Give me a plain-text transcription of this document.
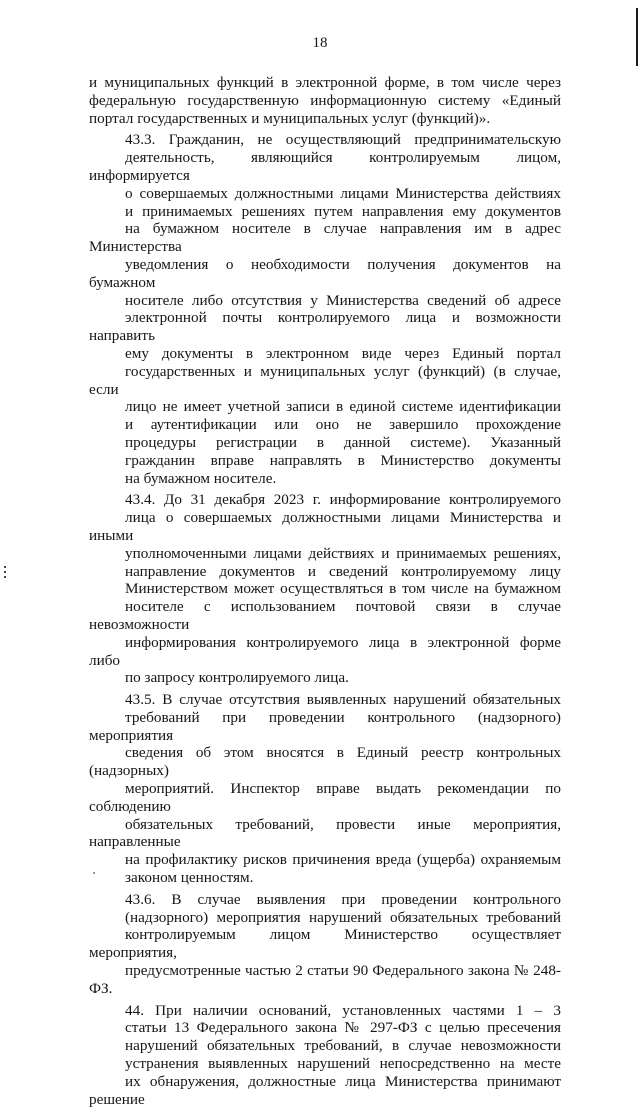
18

и муниципальных функций в электронной форме, в том числе через
федеральную государственную информационную систему «Единый
портал государственных и муниципальных услуг (функций)».

43.3. Гражданин, не осуществляющий предпринимательскую
деятельность, являющийся контролируемым лицом, информируется
о совершаемых должностными лицами Министерства действиях
и принимаемых решениях путем направления ему документов
на бумажном носителе в случае направления им в адрес Министерства
уведомления о необходимости получения документов на бумажном
носителе либо отсутствия у Министерства сведений об адресе
электронной почты контролируемого лица и возможности направить
ему документы в электронном виде через Единый портал
государственных и муниципальных услуг (функций) (в случае, если
лицо не имеет учетной записи в единой системе идентификации
и аутентификации или оно не завершило прохождение
процедуры регистрации в данной системе). Указанный
гражданин вправе направлять в Министерство документы
на бумажном носителе.

43.4. До 31 декабря 2023 г. информирование контролируемого
лица о совершаемых должностными лицами Министерства и иными
уполномоченными лицами действиях и принимаемых решениях,
направление документов и сведений контролируемому лицу
Министерством может осуществляться в том числе на бумажном
носителе с использованием почтовой связи в случае невозможности
информирования контролируемого лица в электронной форме либо
по запросу контролируемого лица.

43.5. В случае отсутствия выявленных нарушений обязательных
требований при проведении контрольного (надзорного) мероприятия
сведения об этом вносятся в Единый реестр контрольных (надзорных)
мероприятий. Инспектор вправе выдать рекомендации по соблюдению
обязательных требований, провести иные мероприятия, направленные
на профилактику рисков причинения вреда (ущерба) охраняемым
законом ценностям.

43.6. В случае выявления при проведении контрольного
(надзорного) мероприятия нарушений обязательных требований
контролируемым лицом Министерство осуществляет мероприятия,
предусмотренные частью 2 статьи 90 Федерального закона № 248-ФЗ.

44. При наличии оснований, установленных частями 1 – 3
статьи 13 Федерального закона № 297-ФЗ с целью пресечения
нарушений обязательных требований, в случае невозможности
устранения выявленных нарушений непосредственно на месте
их обнаружения, должностные лица Министерства принимают решение
